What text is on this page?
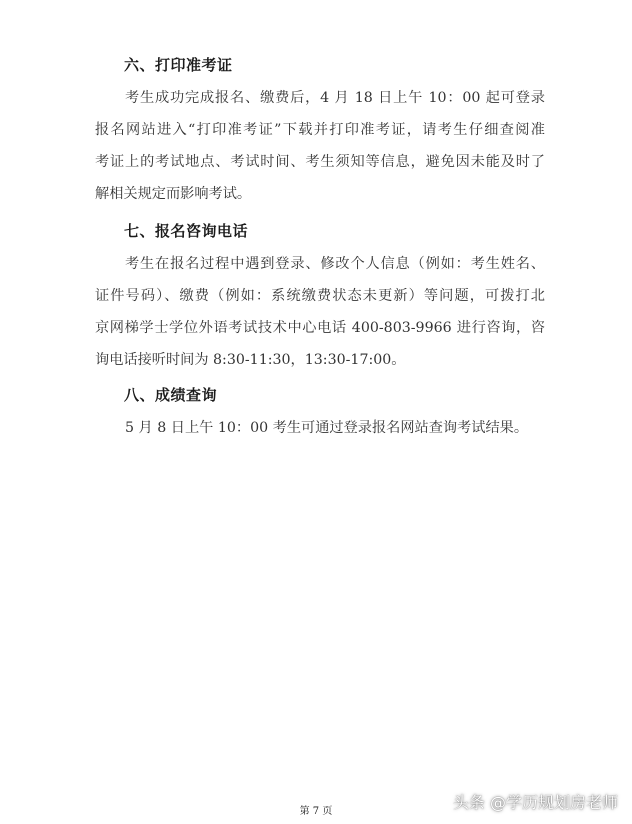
六、打印准考证
考生成功完成报名、缴费后，4 月 18 日上午 10：00 起可登录
报名网站进入“打印准考证”下载并打印准考证，请考生仔细查阅准
考证上的考试地点、考试时间、考生须知等信息，避免因未能及时了
解相关规定而影响考试。
七、报名咨询电话
考生在报名过程中遇到登录、修改个人信息（例如：考生姓名、
证件号码）、缴费（例如：系统缴费状态未更新）等问题，可拨打北
京网梯学士学位外语考试技术中心电话 400-803-9966 进行咨询，咨
询电话接听时间为 8:30-11:30，13:30-17:00。
八、成绩查询
5 月 8 日上午 10：00 考生可通过登录报名网站查询考试结果。
第 7 页	头条 @学历规划房老师
